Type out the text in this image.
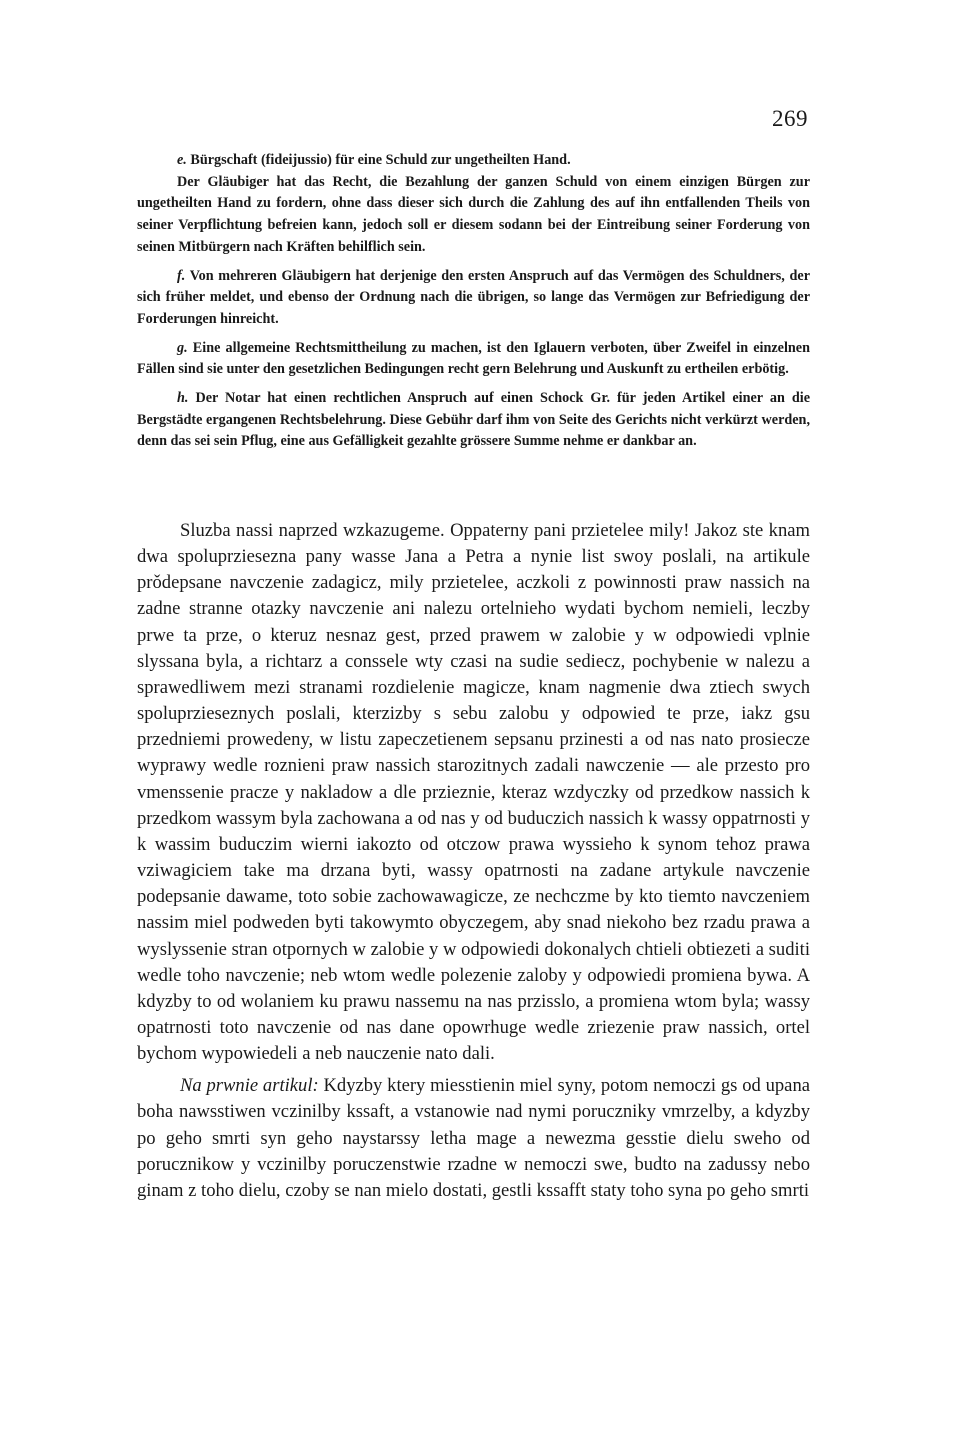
269

e. Bürgschaft (fideijussio) für eine Schuld zur ungetheilten Hand.

Der Gläubiger hat das Recht, die Bezahlung der ganzen Schuld von einem einzigen Bürgen zur ungetheilten Hand zu fordern, ohne dass dieser sich durch die Zahlung des auf ihn entfallenden Theils von seiner Verpflichtung befreien kann, jedoch soll er diesem sodann bei der Eintreibung seiner Forderung von seinen Mitbürgern nach Kräften behilflich sein.

f. Von mehreren Gläubigern hat derjenige den ersten Anspruch auf das Vermögen des Schuldners, der sich früher meldet, und ebenso der Ordnung nach die übrigen, so lange das Vermögen zur Befriedigung der Forderungen hinreicht.

g. Eine allgemeine Rechtsmittheilung zu machen, ist den Iglauern verboten, über Zweifel in einzelnen Fällen sind sie unter den gesetzlichen Bedingungen recht gern Belehrung und Auskunft zu ertheilen erbötig.

h. Der Notar hat einen rechtlichen Anspruch auf einen Schock Gr. für jeden Artikel einer an die Bergstädte ergangenen Rechtsbelehrung. Diese Gebühr darf ihm von Seite des Gerichts nicht verkürzt werden, denn das sei sein Pflug, eine aus Gefälligkeit gezahlte grössere Summe nehme er dankbar an.

Sluzba nassi naprzed wzkazugeme. Oppaterny pani przietelee mily! Jakoz ste knam dwa spoluprziesezna pany wasse Jana a Petra a nynie list swoy poslali, na artikule prǒdepsane navczenie zadagicz, mily przietelee, aczkoli z powinnosti praw nassich na zadne stranne otazky navczenie ani nalezu ortelnieho wydati bychom nemieli, leczby prwe ta prze, o kteruz nesnaz gest, przed prawem w zalobie y w odpowiedi vplnie slyssana byla, a richtarz a conssele wty czasi na sudie sediecz, pochybenie w nalezu a sprawedliwem mezi stranami rozdielenie magicze, knam nagmenie dwa ztiech swych spoluprzieseznych poslali, kterzizby s sebu zalobu y odpowied te prze, iakz gsu przedniemi prowedeny, w listu zapeczetienem sepsanu przinesti a od nas nato prosiecze wyprawy wedle roznieni praw nassich starozitnych zadali nawczenie — ale przesto pro vmenssenie pracze y nakladow a dle przieznie, kteraz wzdyczky od przedkow nassich k przedkom wassym byla zachowana a od nas y od buduczich nassich k wassy oppatrnosti y k wassim buduczim wierni iakozto od otczow prawa wyssieho k synom tehoz prawa vziwagiciem take ma drzana byti, wassy opatrnosti na zadane artykule navczenie podepsanie dawame, toto sobie zachowawagicze, ze nechczme by kto tiemto navczeniem nassim miel podweden byti takowymto obyczegem, aby snad niekoho bez rzadu prawa a wyslyssenie stran otpornych w zalobie y w odpowiedi dokonalych chtieli obtiezeti a suditi wedle toho navczenie; neb wtom wedle polezenie zaloby y odpowiedi promiena bywa. A kdyzby to od wolaniem ku prawu nassemu na nas przisslo, a promiena wtom byla; wassy opatrnosti toto navczenie od nas dane opowrhuge wedle zriezenie praw nassich, ortel bychom wypowiedeli a neb nauczenie nato dali.

Na prwnie artikul: Kdyzby ktery miesstienin miel syny, potom nemoczi gs od upana boha nawsstiwen vczinilby kssaft, a vstanowie nad nymi porucznikу vmrzelby, a kdyzby po geho smrti syn geho naystarssy letha mage a newezma gesstie dielu sweho od porucznikow y vczinilby poruczenstwie rzadne w nemoczi swe, budto na zadussy nebo ginam z toho dielu, czoby se nan mielo dostati, gestli kssafft staty toho syna po geho smrti
